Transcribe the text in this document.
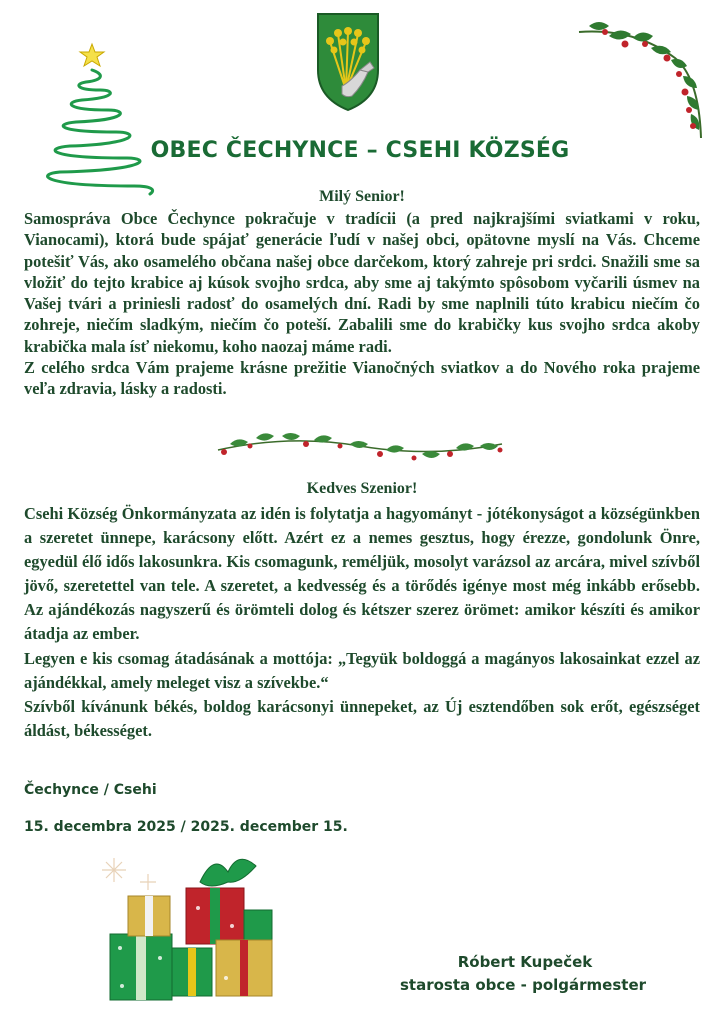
OBEC ČECHYNCE – CSEHI KÖZSÉG
Milý Senior!

Samospráva Obce Čechynce pokračuje v tradícii (a pred najkrajšími sviatkami v roku, Vianocami), ktorá bude spájať generácie ľudí v našej obci, opätovne myslí na Vás. Chceme potešiť Vás, ako osamelého občana našej obce darčekom, ktorý zahreje pri srdci. Snažili sme sa vložiť do tejto krabice aj kúsok svojho srdca, aby sme aj takýmto spôsobom vyčarili úsmev na Vašej tvári a priniesli radosť do osamelých dní. Radi by sme naplnili túto krabicu niečím čo zohreje, niečím sladkým, niečím čo poteší. Zabalili sme do krabičky kus svojho srdca akoby krabička mala ísť niekomu, koho naozaj máme radi.

Z celého srdca Vám prajeme krásne prežitie Vianočných sviatkov a do Nového roka prajeme veľa zdravia, lásky a radosti.

Kedves Szenior!

Csehi Község Önkormányzata az idén is folytatja a hagyományt - jótékonyságot a községünkben a szeretet ünnepe, karácsony előtt. Azért ez a nemes gesztus, hogy érezze, gondolunk Önre, egyedül élő idős lakosunkra. Kis csomagunk, reméljük, mosolyt varázsol az arcára, mivel szívből jövő, szeretettel van tele. A szeretet, a kedvesség és a törődés igénye most még inkább erősebb. Az ajándékozás nagyszerű és örömteli dolog és kétszer szerez örömet: amikor készíti és amikor átadja az ember.

Legyen e kis csomag átadásának a mottója: „Tegyük boldoggá a magányos lakosainkat ezzel az ajándékkal, amely meleget visz a szívekbe.“

Szívből kívánunk békés, boldog karácsonyi ünnepeket, az Új esztendőben sok erőt, egészséget áldást, békességet.

Čechynce / Csehi
15. decembra 2025 / 2025. december 15.
Róbert Kupeček
starosta obce - polgármester
